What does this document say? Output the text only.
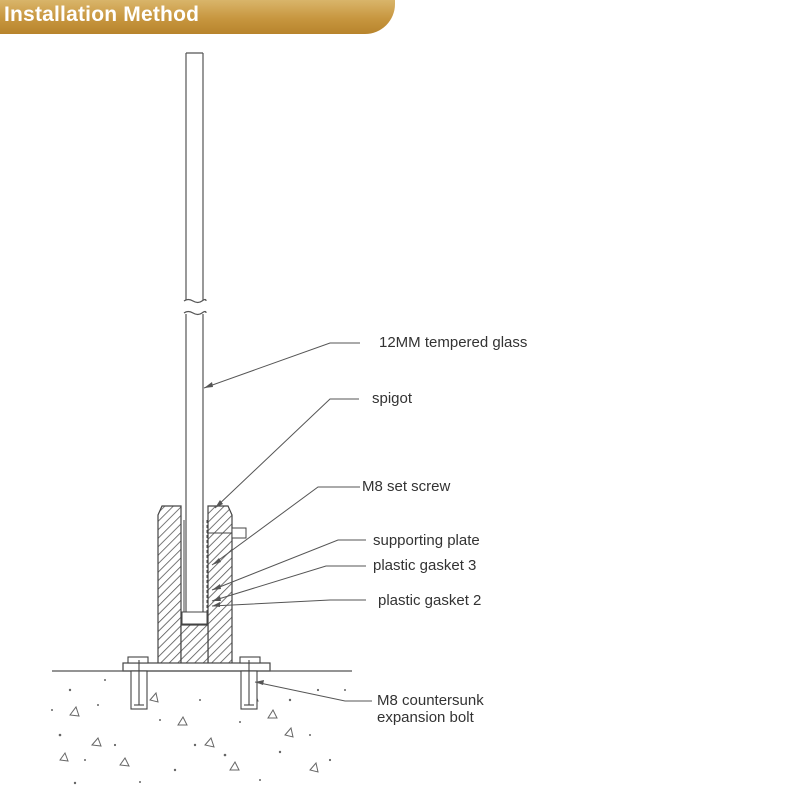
Installation Method
12MM tempered glass
spigot
M8 set screw
supporting plate
plastic gasket 3
plastic gasket 2
M8 countersunk
expansion bolt
